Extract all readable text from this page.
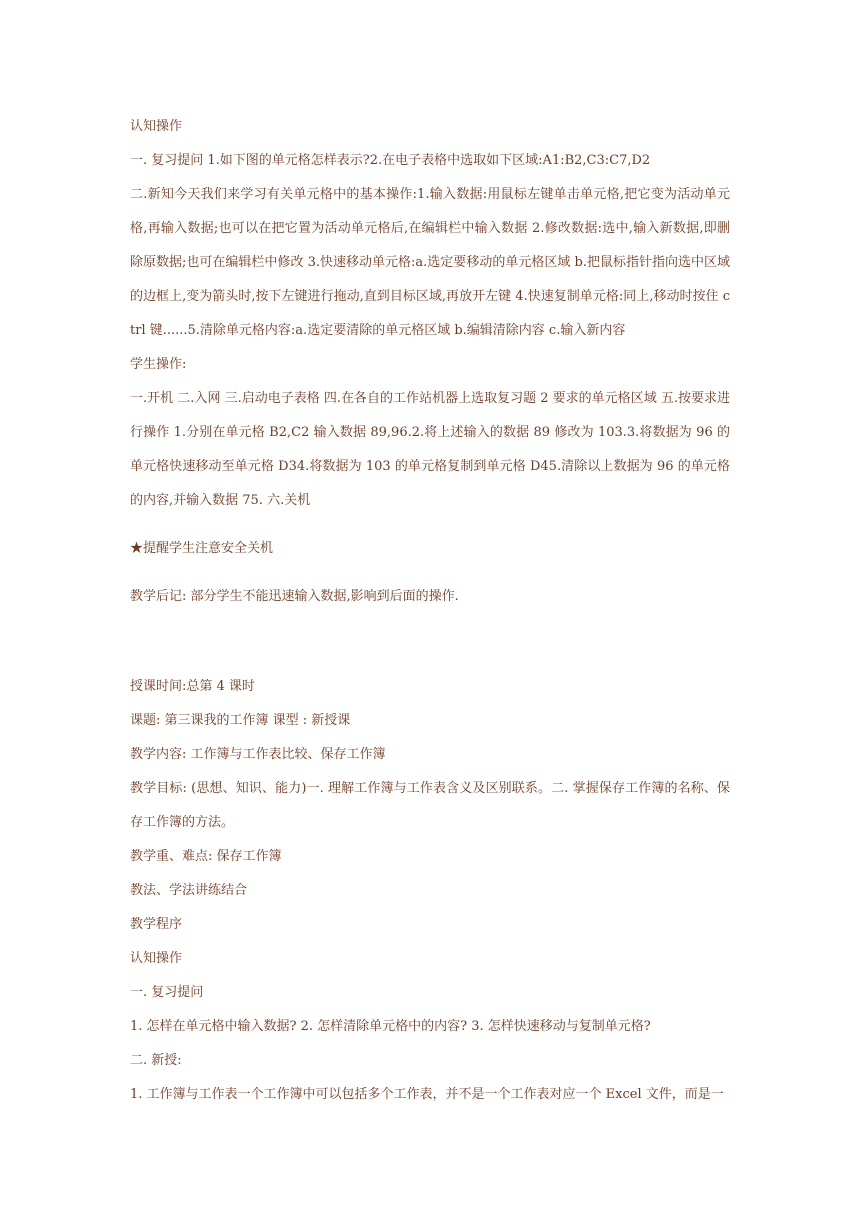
认知操作
一. 复习提问 1.如下图的单元格怎样表示?2.在电子表格中选取如下区域:A1:B2,C3:C7,D2

二.新知今天我们来学习有关单元格中的基本操作:1.输入数据:用鼠标左键单击单元格,把它变为活动单元格,再输入数据;也可以在把它置为活动单元格后,在编辑栏中输入数据 2.修改数据:选中,输入新数据,即删除原数据;也可在编辑栏中修改 3.快速移动单元格:a.选定要移动的单元格区域 b.把鼠标指针指向选中区域的边框上,变为箭头时,按下左键进行拖动,直到目标区域,再放开左键 4.快速复制单元格:同上,移动时按住 ctrl 键......5.清除单元格内容:a.选定要清除的单元格区域 b.编辑清除内容 c.输入新内容

学生操作:

一.开机 二.入网 三.启动电子表格 四.在各自的工作站机器上选取复习题 2 要求的单元格区域 五.按要求进行操作 1.分别在单元格 B2,C2 输入数据 89,96.2.将上述输入的数据 89 修改为 103.3.将数据为 96 的单元格快速移动至单元格 D34.将数据为 103 的单元格复制到单元格 D45.清除以上数据为 96 的单元格的内容,并输入数据 75. 六.关机

★提醒学生注意安全关机
教学后记: 部分学生不能迅速输入数据,影响到后面的操作.
授课时间:总第 4 课时
课题: 第三课我的工作簿 课型 : 新授课
教学内容: 工作簿与工作表比较、保存工作簿

教学目标: (思想、知识、能力)一. 理解工作簿与工作表含义及区别联系。二. 掌握保存工作簿的名称、保存工作簿的方法。

教学重、难点: 保存工作簿
教法、学法讲练结合
教学程序
认知操作
一. 复习提问
1. 怎样在单元格中输入数据? 2. 怎样清除单元格中的内容? 3. 怎样快速移动与复制单元格?
二. 新授:
1. 工作簿与工作表一个工作簿中可以包括多个工作表，并不是一个工作表对应一个 Excel 文件，而是一
